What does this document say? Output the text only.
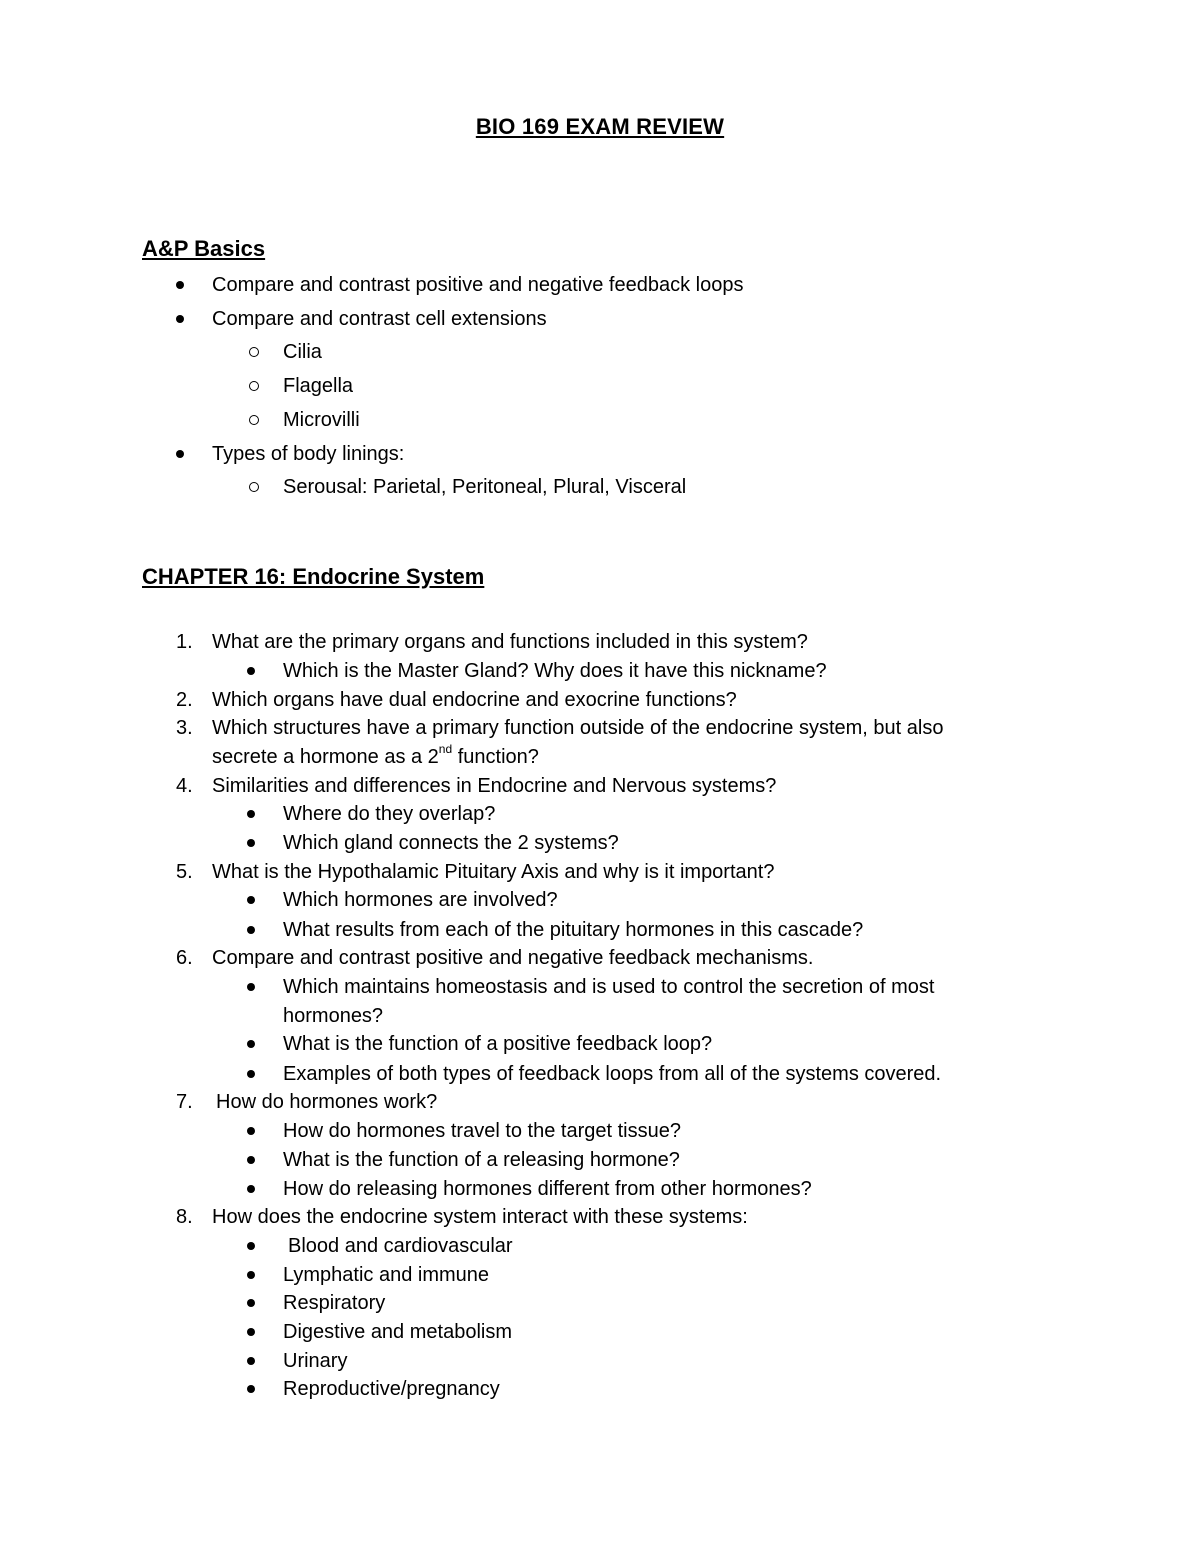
BIO 169 EXAM REVIEW
A&P Basics
Compare and contrast positive and negative feedback loops
Compare and contrast cell extensions
Cilia
Flagella
Microvilli
Types of body linings:
Serousal: Parietal, Peritoneal, Plural, Visceral
CHAPTER 16: Endocrine System
1. What are the primary organs and functions included in this system?
Which is the Master Gland? Why does it have this nickname?
2. Which organs have dual endocrine and exocrine functions?
3. Which structures have a primary function outside of the endocrine system, but also
secrete a hormone as a 2nd function?
4. Similarities and differences in Endocrine and Nervous systems?
Where do they overlap?
Which gland connects the 2 systems?
5. What is the Hypothalamic Pituitary Axis and why is it important?
Which hormones are involved?
What results from each of the pituitary hormones in this cascade?
6. Compare and contrast positive and negative feedback mechanisms.
Which maintains homeostasis and is used to control the secretion of most
hormones?
What is the function of a positive feedback loop?
Examples of both types of feedback loops from all of the systems covered.
7. How do hormones work?
How do hormones travel to the target tissue?
What is the function of a releasing hormone?
How do releasing hormones different from other hormones?
8. How does the endocrine system interact with these systems:
Blood and cardiovascular
Lymphatic and immune
Respiratory
Digestive and metabolism
Urinary
Reproductive/pregnancy
